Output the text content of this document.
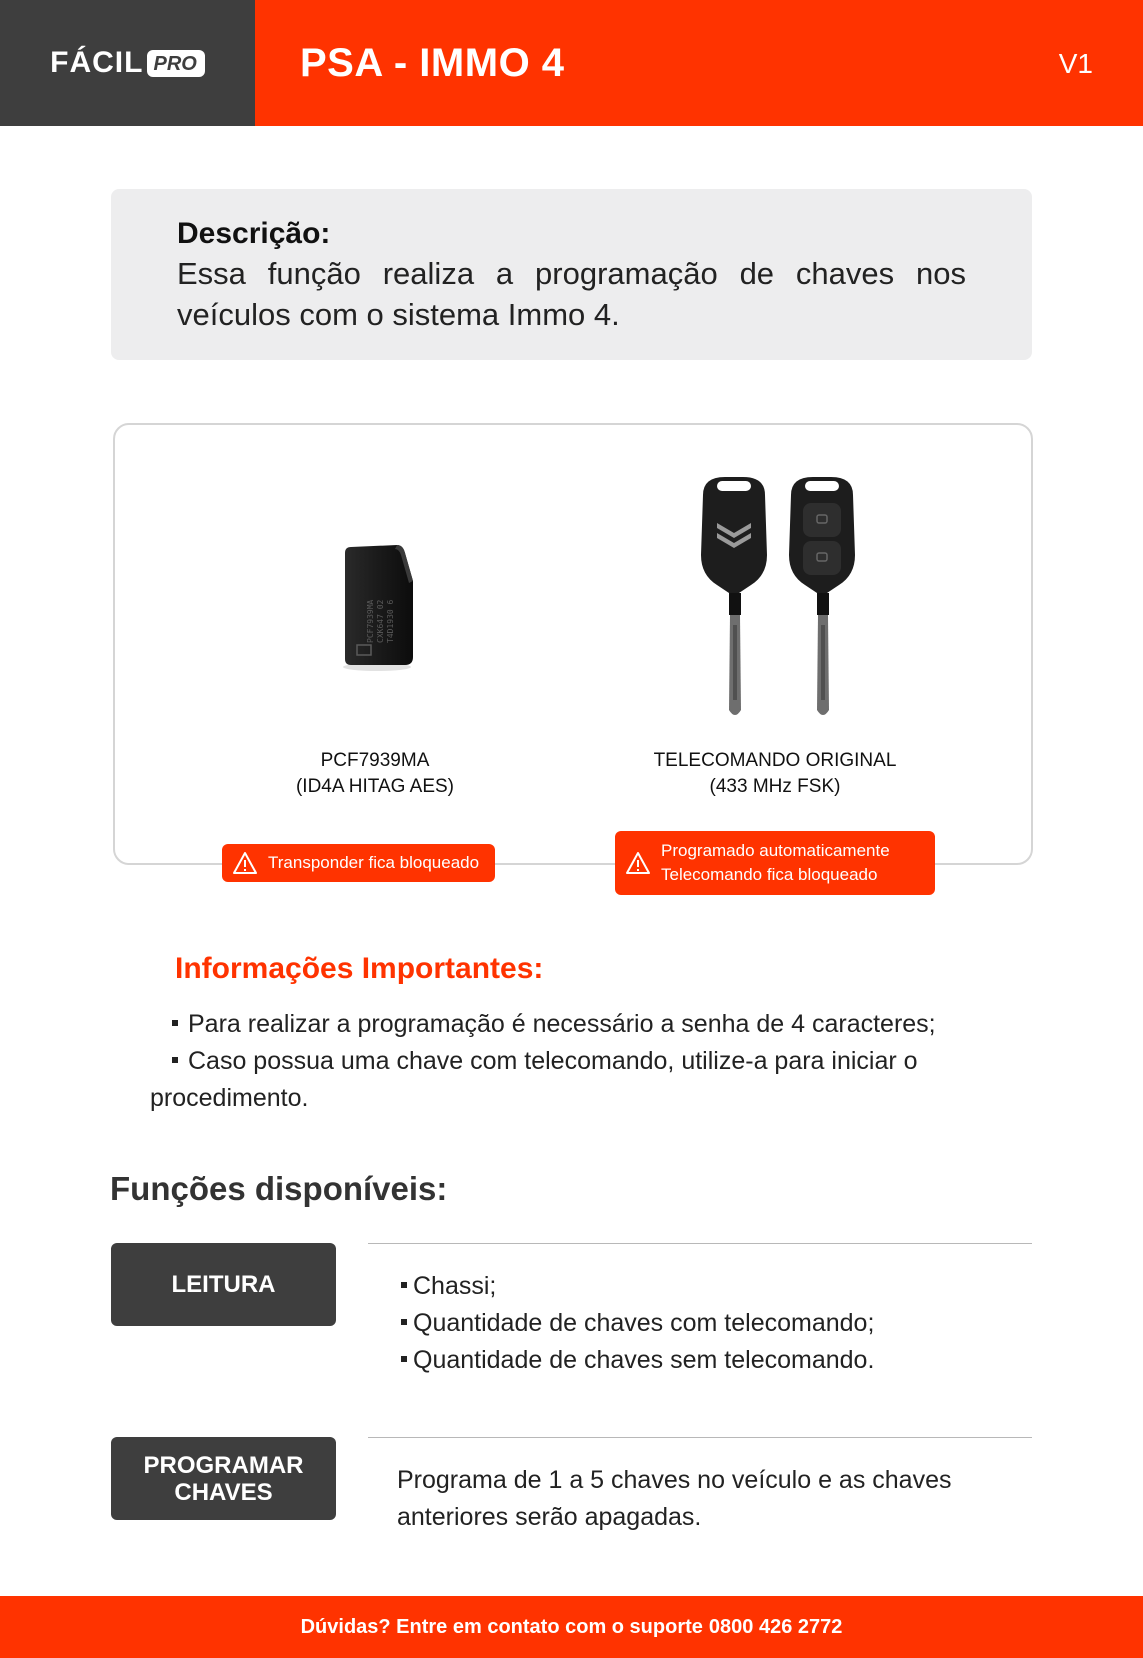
FÁCIL PRO	PSA - IMMO 4	V1
Descrição:
Essa função realiza a programação de chaves nos veículos com o sistema Immo 4.
PCF7939MA CXK647 02 T4D1930 6
PCF7939MA
(ID4A HITAG AES)
TELECOMANDO ORIGINAL
(433 MHz FSK)
Transponder fica bloqueado
Programado automaticamente
Telecomando fica bloqueado
Informações Importantes:
Para realizar a programação é necessário a senha de 4 caracteres;
Caso possua uma chave com telecomando, utilize-a para iniciar o procedimento.
Funções disponíveis:
LEITURA	Chassi;
Quantidade de chaves com telecomando;
Quantidade de chaves sem telecomando.
PROGRAMAR
CHAVES	Programa de 1 a 5 chaves no veículo e as chaves anteriores serão apagadas.
Dúvidas? Entre em contato com o suporte 0800 426 2772
